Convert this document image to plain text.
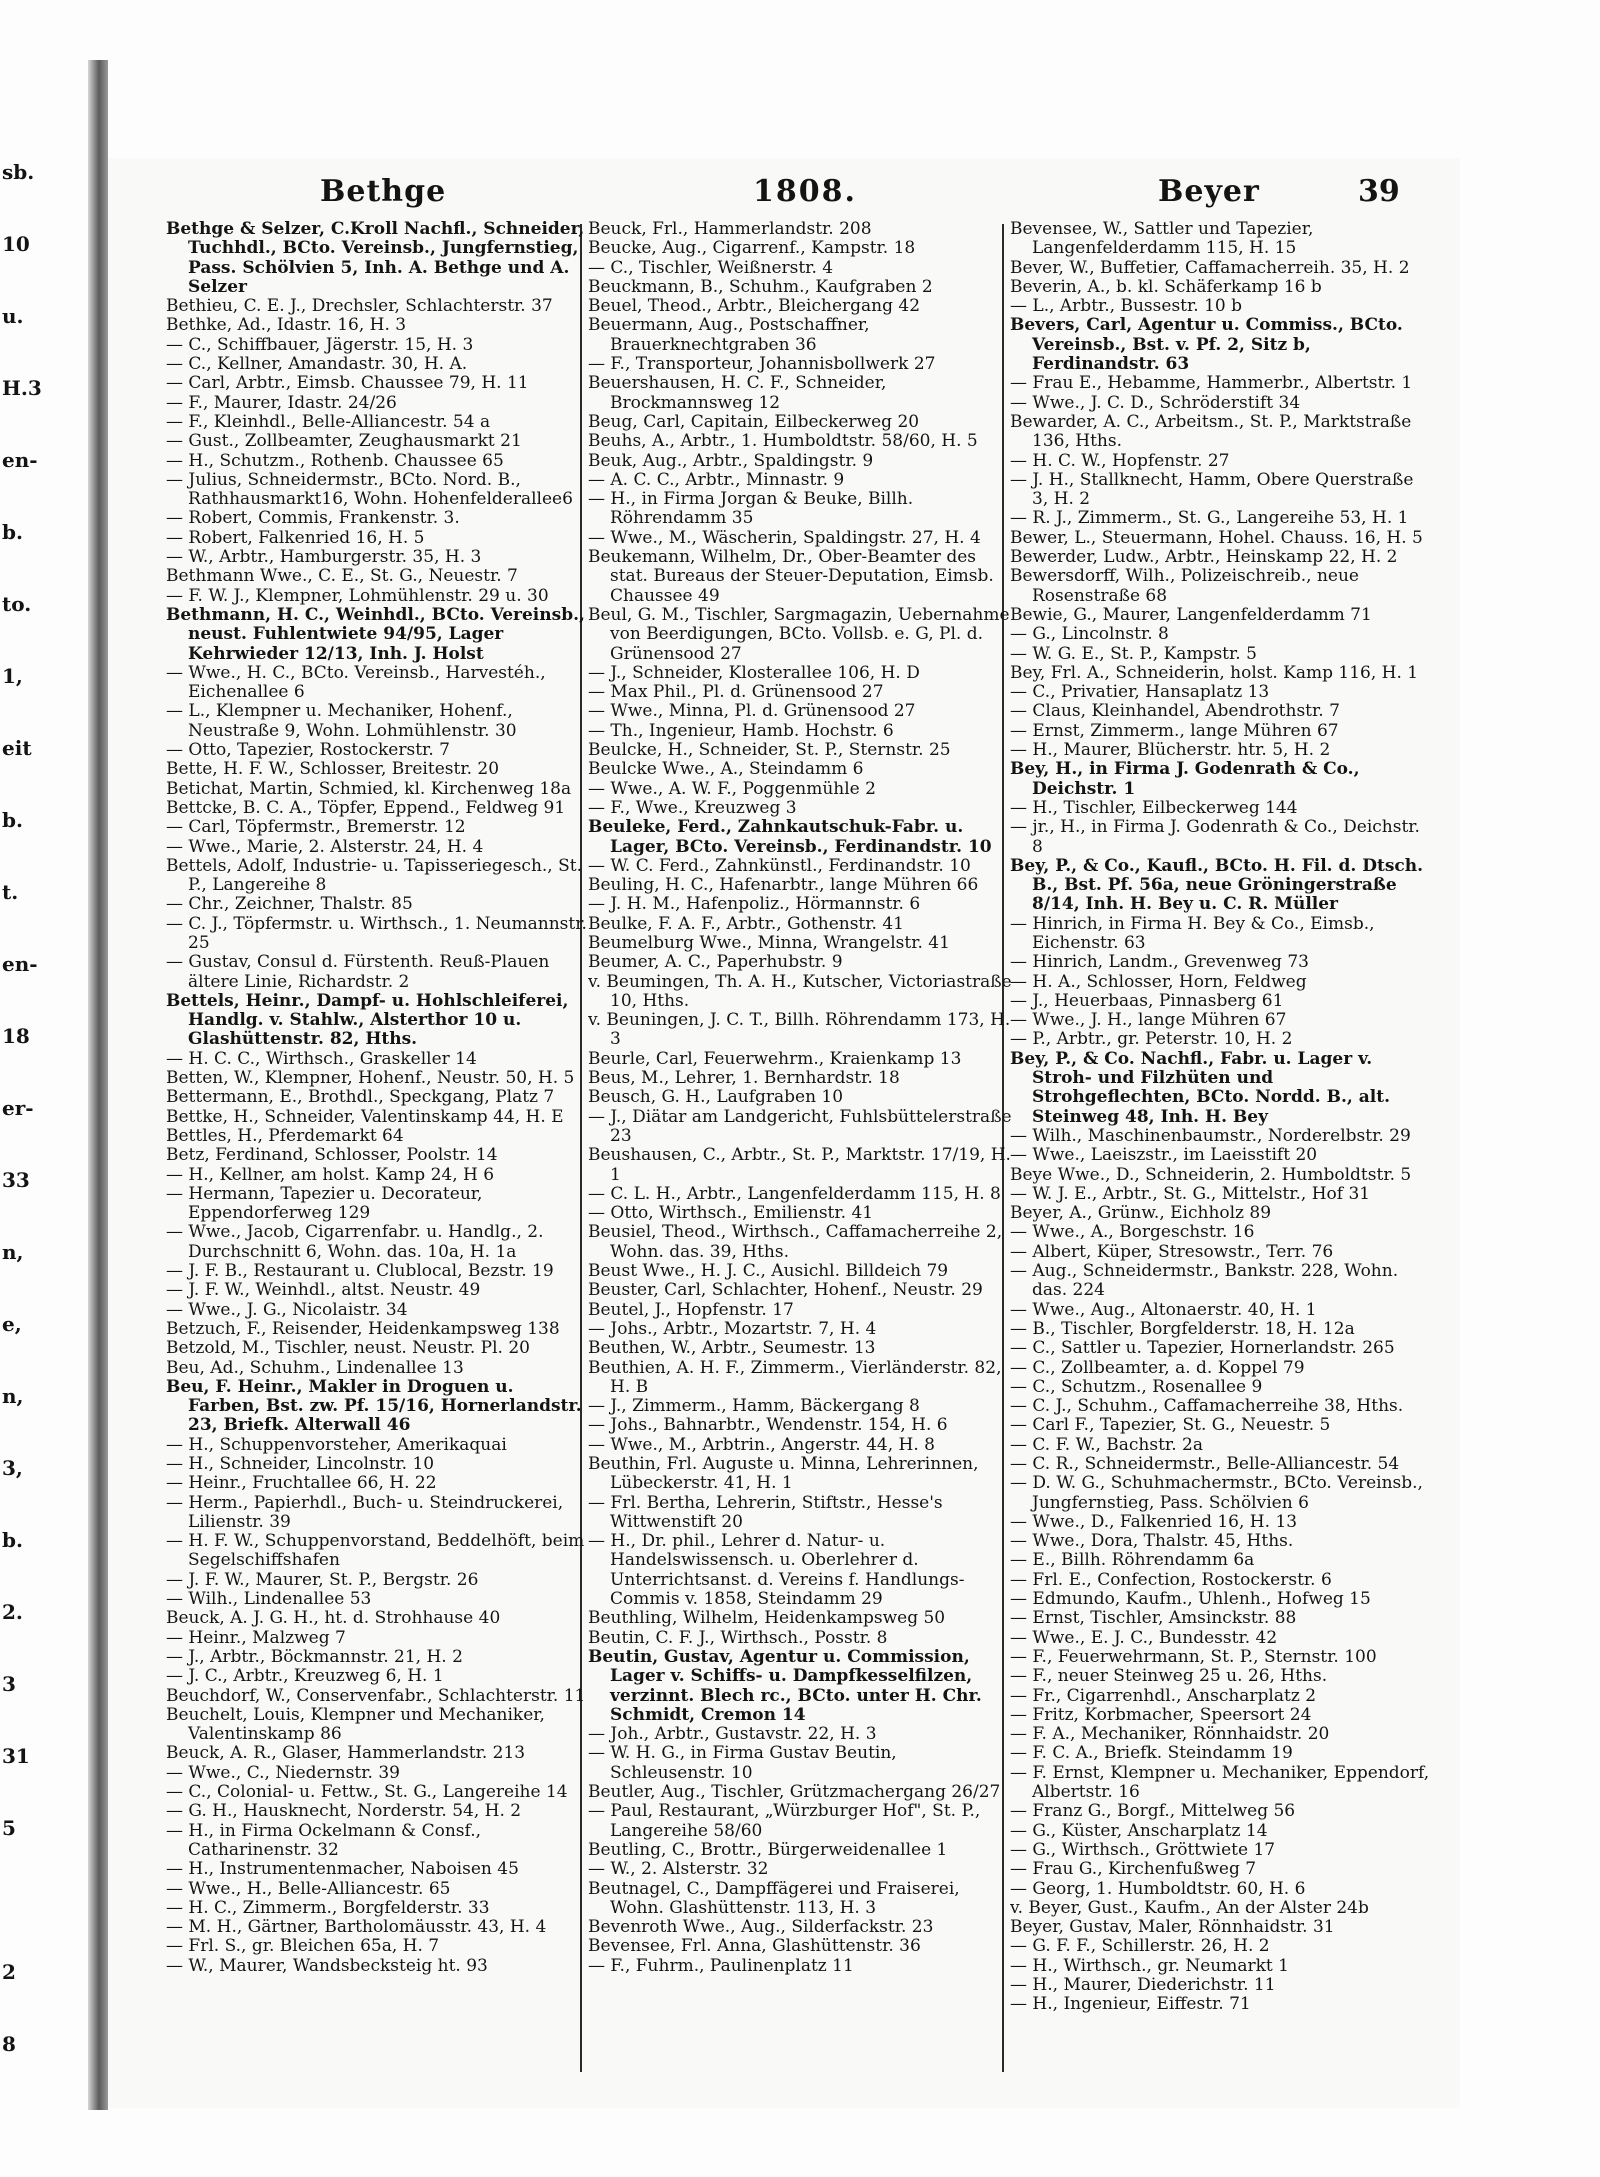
sb.
10
u.
H.3
en-
b.
to.
1,
eit
b.
t.
en-
18
er-
33
n,
e,
n,
3,
b.
2.
3
31
5
2
8
Bethge	1808.	Beyer	39

Bethge & Selzer, C.Kroll Nachfl., Schneider, Tuchhdl., BCto. Vereinsb., Jungfernstieg, Pass. Schölvien 5, Inh. A. Bethge und A. Selzer

Bethieu, C. E. J., Drechsler, Schlachterstr. 37

Bethke, Ad., Idastr. 16, H. 3

— C., Schiffbauer, Jägerstr. 15, H. 3

— C., Kellner, Amandastr. 30, H. A.

— Carl, Arbtr., Eimsb. Chaussee 79, H. 11

— F., Maurer, Idastr. 24/26

— F., Kleinhdl., Belle-Alliancestr. 54 a

— Gust., Zollbeamter, Zeughausmarkt 21

— H., Schutzm., Rothenb. Chaussee 65

— Julius, Schneidermstr., BCto. Nord. B., Rathhausmarkt16, Wohn. Hohenfelderallee6

— Robert, Commis, Frankenstr. 3.

— Robert, Falkenried 16, H. 5

— W., Arbtr., Hamburgerstr. 35, H. 3

Bethmann Wwe., C. E., St. G., Neuestr. 7

— F. W. J., Klempner, Lohmühlenstr. 29 u. 30

Bethmann, H. C., Weinhdl., BCto. Vereinsb., neust. Fuhlentwiete 94/95, Lager Kehrwieder 12/13, Inh. J. Holst

— Wwe., H. C., BCto. Vereinsb., Harvestéh., Eichenallee 6

— L., Klempner u. Mechaniker, Hohenf., Neustraße 9, Wohn. Lohmühlenstr. 30

— Otto, Tapezier, Rostockerstr. 7

Bette, H. F. W., Schlosser, Breitestr. 20

Betichat, Martin, Schmied, kl. Kirchenweg 18a

Bettcke, B. C. A., Töpfer, Eppend., Feldweg 91

— Carl, Töpfermstr., Bremerstr. 12

— Wwe., Marie, 2. Alsterstr. 24, H. 4

Bettels, Adolf, Industrie- u. Tapisseriegesch., St. P., Langereihe 8

— Chr., Zeichner, Thalstr. 85

— C. J., Töpfermstr. u. Wirthsch., 1. Neumannstr. 25

— Gustav, Consul d. Fürstenth. Reuß-Plauen ältere Linie, Richardstr. 2

Bettels, Heinr., Dampf- u. Hohlschleiferei, Handlg. v. Stahlw., Alsterthor 10 u. Glashüttenstr. 82, Hths.

— H. C. C., Wirthsch., Graskeller 14

Betten, W., Klempner, Hohenf., Neustr. 50, H. 5

Bettermann, E., Brothdl., Speckgang, Platz 7

Bettke, H., Schneider, Valentinskamp 44, H. E

Bettles, H., Pferdemarkt 64

Betz, Ferdinand, Schlosser, Poolstr. 14

— H., Kellner, am holst. Kamp 24, H 6

— Hermann, Tapezier u. Decorateur, Eppendorferweg 129

— Wwe., Jacob, Cigarrenfabr. u. Handlg., 2. Durchschnitt 6, Wohn. das. 10a, H. 1a

— J. F. B., Restaurant u. Clublocal, Bezstr. 19

— J. F. W., Weinhdl., altst. Neustr. 49

— Wwe., J. G., Nicolaistr. 34

Betzuch, F., Reisender, Heidenkampsweg 138

Betzold, M., Tischler, neust. Neustr. Pl. 20

Beu, Ad., Schuhm., Lindenallee 13

Beu, F. Heinr., Makler in Droguen u. Farben, Bst. zw. Pf. 15/16, Hornerlandstr. 23, Briefk. Alterwall 46

— H., Schuppenvorsteher, Amerikaquai

— H., Schneider, Lincolnstr. 10

— Heinr., Fruchtallee 66, H. 22

— Herm., Papierhdl., Buch- u. Steindruckerei, Lilienstr. 39

— H. F. W., Schuppenvorstand, Beddelhöft, beim Segelschiffshafen

— J. F. W., Maurer, St. P., Bergstr. 26

— Wilh., Lindenallee 53

Beuck, A. J. G. H., ht. d. Strohhause 40

— Heinr., Malzweg 7

— J., Arbtr., Böckmannstr. 21, H. 2

— J. C., Arbtr., Kreuzweg 6, H. 1

Beuchdorf, W., Conservenfabr., Schlachterstr. 11

Beuchelt, Louis, Klempner und Mechaniker, Valentinskamp 86

Beuck, A. R., Glaser, Hammerlandstr. 213

— Wwe., C., Niedernstr. 39

— C., Colonial- u. Fettw., St. G., Langereihe 14

— G. H., Hausknecht, Norderstr. 54, H. 2

— H., in Firma Ockelmann & Consf., Catharinenstr. 32

— H., Instrumentenmacher, Naboisen 45

— Wwe., H., Belle-Alliancestr. 65

— H. C., Zimmerm., Borgfelderstr. 33

— M. H., Gärtner, Bartholomäusstr. 43, H. 4

— Frl. S., gr. Bleichen 65a, H. 7

— W., Maurer, Wandsbecksteig ht. 93

Beuck, Frl., Hammerlandstr. 208

Beucke, Aug., Cigarrenf., Kampstr. 18

— C., Tischler, Weißnerstr. 4

Beuckmann, B., Schuhm., Kaufgraben 2

Beuel, Theod., Arbtr., Bleichergang 42

Beuermann, Aug., Postschaffner, Brauerknechtgraben 36

— F., Transporteur, Johannisbollwerk 27

Beuershausen, H. C. F., Schneider, Brockmannsweg 12

Beug, Carl, Capitain, Eilbeckerweg 20

Beuhs, A., Arbtr., 1. Humboldtstr. 58/60, H. 5

Beuk, Aug., Arbtr., Spaldingstr. 9

— A. C. C., Arbtr., Minnastr. 9

— H., in Firma Jorgan & Beuke, Billh. Röhrendamm 35

— Wwe., M., Wäscherin, Spaldingstr. 27, H. 4

Beukemann, Wilhelm, Dr., Ober-Beamter des stat. Bureaus der Steuer-Deputation, Eimsb. Chaussee 49

Beul, G. M., Tischler, Sargmagazin, Uebernahme von Beerdigungen, BCto. Vollsb. e. G, Pl. d. Grünensood 27

— J., Schneider, Klosterallee 106, H. D

— Max Phil., Pl. d. Grünensood 27

— Wwe., Minna, Pl. d. Grünensood 27

— Th., Ingenieur, Hamb. Hochstr. 6

Beulcke, H., Schneider, St. P., Sternstr. 25

Beulcke Wwe., A., Steindamm 6

— Wwe., A. W. F., Poggenmühle 2

— F., Wwe., Kreuzweg 3

Beuleke, Ferd., Zahnkautschuk-Fabr. u. Lager, BCto. Vereinsb., Ferdinandstr. 10

— W. C. Ferd., Zahnkünstl., Ferdinandstr. 10

Beuling, H. C., Hafenarbtr., lange Mühren 66

— J. H. M., Hafenpoliz., Hörmannstr. 6

Beulke, F. A. F., Arbtr., Gothenstr. 41

Beumelburg Wwe., Minna, Wrangelstr. 41

Beumer, A. C., Paperhubstr. 9

v. Beumingen, Th. A. H., Kutscher, Victoriastraße 10, Hths.

v. Beuningen, J. C. T., Billh. Röhrendamm 173, H. 3

Beurle, Carl, Feuerwehrm., Kraienkamp 13

Beus, M., Lehrer, 1. Bernhardstr. 18

Beusch, G. H., Laufgraben 10

— J., Diätar am Landgericht, Fuhlsbüttelerstraße 23

Beushausen, C., Arbtr., St. P., Marktstr. 17/19, H. 1

— C. L. H., Arbtr., Langenfelderdamm 115, H. 8

— Otto, Wirthsch., Emilienstr. 41

Beusiel, Theod., Wirthsch., Caffamacherreihe 2, Wohn. das. 39, Hths.

Beust Wwe., H. J. C., Ausichl. Billdeich 79

Beuster, Carl, Schlachter, Hohenf., Neustr. 29

Beutel, J., Hopfenstr. 17

— Johs., Arbtr., Mozartstr. 7, H. 4

Beuthen, W., Arbtr., Seumestr. 13

Beuthien, A. H. F., Zimmerm., Vierländerstr. 82, H. B

— J., Zimmerm., Hamm, Bäckergang 8

— Johs., Bahnarbtr., Wendenstr. 154, H. 6

— Wwe., M., Arbtrin., Angerstr. 44, H. 8

Beuthin, Frl. Auguste u. Minna, Lehrerinnen, Lübeckerstr. 41, H. 1

— Frl. Bertha, Lehrerin, Stiftstr., Hesse's Wittwenstift 20

— H., Dr. phil., Lehrer d. Natur- u. Handelswissensch. u. Oberlehrer d. Unterrichtsanst. d. Vereins f. Handlungs-Commis v. 1858, Steindamm 29

Beuthling, Wilhelm, Heidenkampsweg 50

Beutin, C. F. J., Wirthsch., Posstr. 8

Beutin, Gustav, Agentur u. Commission, Lager v. Schiffs- u. Dampfkesselfilzen, verzinnt. Blech rc., BCto. unter H. Chr. Schmidt, Cremon 14

— Joh., Arbtr., Gustavstr. 22, H. 3

— W. H. G., in Firma Gustav Beutin, Schleusenstr. 10

Beutler, Aug., Tischler, Grützmachergang 26/27

— Paul, Restaurant, „Würzburger Hof", St. P., Langereihe 58/60

Beutling, C., Brottr., Bürgerweidenallee 1

— W., 2. Alsterstr. 32

Beutnagel, C., Dampffägerei und Fraiserei, Wohn. Glashüttenstr. 113, H. 3

Bevenroth Wwe., Aug., Silderfackstr. 23

Bevensee, Frl. Anna, Glashüttenstr. 36

— F., Fuhrm., Paulinenplatz 11

Bevensee, W., Sattler und Tapezier, Langenfelderdamm 115, H. 15

Bever, W., Buffetier, Caffamacherreih. 35, H. 2

Beverin, A., b. kl. Schäferkamp 16 b

— L., Arbtr., Bussestr. 10 b

Bevers, Carl, Agentur u. Commiss., BCto. Vereinsb., Bst. v. Pf. 2, Sitz b, Ferdinandstr. 63

— Frau E., Hebamme, Hammerbr., Albertstr. 1

— Wwe., J. C. D., Schröderstift 34

Bewarder, A. C., Arbeitsm., St. P., Marktstraße 136, Hths.

— H. C. W., Hopfenstr. 27

— J. H., Stallknecht, Hamm, Obere Querstraße 3, H. 2

— R. J., Zimmerm., St. G., Langereihe 53, H. 1

Bewer, L., Steuermann, Hohel. Chauss. 16, H. 5

Bewerder, Ludw., Arbtr., Heinskamp 22, H. 2

Bewersdorff, Wilh., Polizeischreib., neue Rosenstraße 68

Bewie, G., Maurer, Langenfelderdamm 71

— G., Lincolnstr. 8

— W. G. E., St. P., Kampstr. 5

Bey, Frl. A., Schneiderin, holst. Kamp 116, H. 1

— C., Privatier, Hansaplatz 13

— Claus, Kleinhandel, Abendrothstr. 7

— Ernst, Zimmerm., lange Mühren 67

— H., Maurer, Blücherstr. htr. 5, H. 2

Bey, H., in Firma J. Godenrath & Co., Deichstr. 1

— H., Tischler, Eilbeckerweg 144

— jr., H., in Firma J. Godenrath & Co., Deichstr. 8

Bey, P., & Co., Kaufl., BCto. H. Fil. d. Dtsch. B., Bst. Pf. 56a, neue Gröningerstraße 8/14, Inh. H. Bey u. C. R. Müller

— Hinrich, in Firma H. Bey & Co., Eimsb., Eichenstr. 63

— Hinrich, Landm., Grevenweg 73

— H. A., Schlosser, Horn, Feldweg

— J., Heuerbaas, Pinnasberg 61

— Wwe., J. H., lange Mühren 67

— P., Arbtr., gr. Peterstr. 10, H. 2

Bey, P., & Co. Nachfl., Fabr. u. Lager v. Stroh- und Filzhüten und Strohgeflechten, BCto. Nordd. B., alt. Steinweg 48, Inh. H. Bey

— Wilh., Maschinenbaumstr., Norderelbstr. 29

— Wwe., Laeiszstr., im Laeisstift 20

Beye Wwe., D., Schneiderin, 2. Humboldtstr. 5

— W. J. E., Arbtr., St. G., Mittelstr., Hof 31

Beyer, A., Grünw., Eichholz 89

— Wwe., A., Borgeschstr. 16

— Albert, Küper, Stresowstr., Terr. 76

— Aug., Schneidermstr., Bankstr. 228, Wohn. das. 224

— Wwe., Aug., Altonaerstr. 40, H. 1

— B., Tischler, Borgfelderstr. 18, H. 12a

— C., Sattler u. Tapezier, Hornerlandstr. 265

— C., Zollbeamter, a. d. Koppel 79

— C., Schutzm., Rosenallee 9

— C. J., Schuhm., Caffamacherreihe 38, Hths.

— Carl F., Tapezier, St. G., Neuestr. 5

— C. F. W., Bachstr. 2a

— C. R., Schneidermstr., Belle-Alliancestr. 54

— D. W. G., Schuhmachermstr., BCto. Vereinsb., Jungfernstieg, Pass. Schölvien 6

— Wwe., D., Falkenried 16, H. 13

— Wwe., Dora, Thalstr. 45, Hths.

— E., Billh. Röhrendamm 6a

— Frl. E., Confection, Rostockerstr. 6

— Edmundo, Kaufm., Uhlenh., Hofweg 15

— Ernst, Tischler, Amsinckstr. 88

— Wwe., E. J. C., Bundesstr. 42

— F., Feuerwehrmann, St. P., Sternstr. 100

— F., neuer Steinweg 25 u. 26, Hths.

— Fr., Cigarrenhdl., Anscharplatz 2

— Fritz, Korbmacher, Speersort 24

— F. A., Mechaniker, Rönnhaidstr. 20

— F. C. A., Briefk. Steindamm 19

— F. Ernst, Klempner u. Mechaniker, Eppendorf, Albertstr. 16

— Franz G., Borgf., Mittelweg 56

— G., Küster, Anscharplatz 14

— G., Wirthsch., Gröttwiete 17

— Frau G., Kirchenfußweg 7

— Georg, 1. Humboldtstr. 60, H. 6

v. Beyer, Gust., Kaufm., An der Alster 24b

Beyer, Gustav, Maler, Rönnhaidstr. 31

— G. F. F., Schillerstr. 26, H. 2

— H., Wirthsch., gr. Neumarkt 1

— H., Maurer, Diederichstr. 11

— H., Ingenieur, Eiffestr. 71
